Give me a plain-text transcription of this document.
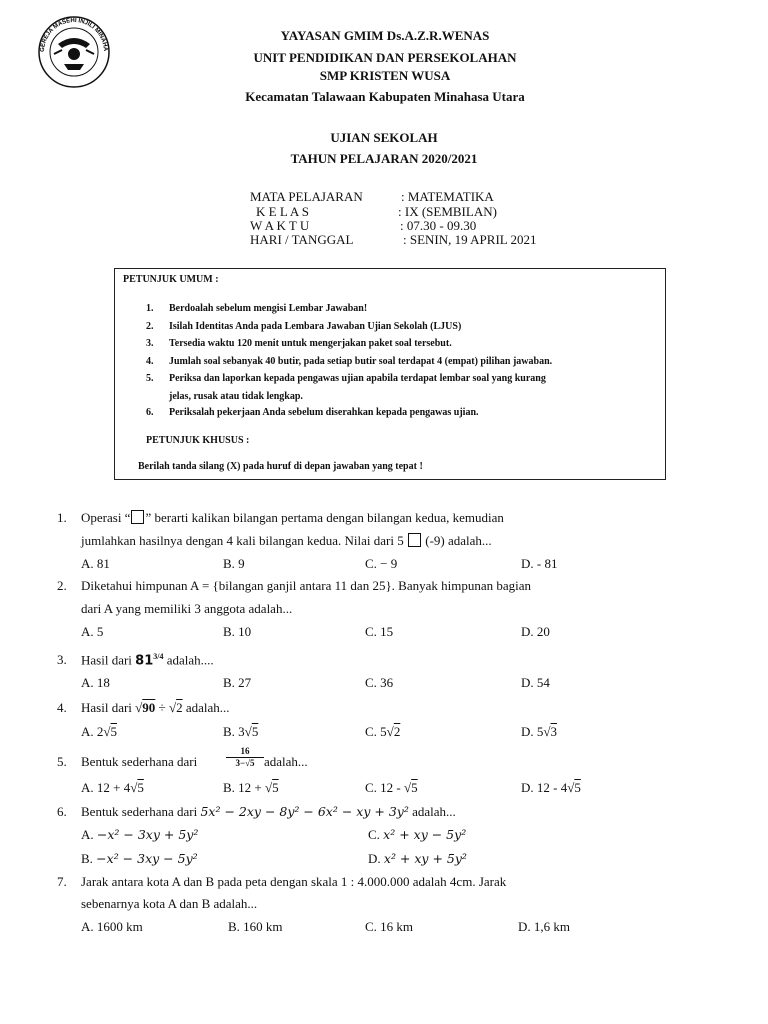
GEREJA MASEHI INJILI MINAHA
YAYASAN GMIM Ds.A.Z.R.WENAS
UNIT PENDIDIKAN DAN PERSEKOLAHAN
SMP KRISTEN WUSA
Kecamatan Talawaan Kabupaten Minahasa Utara
UJIAN SEKOLAH
TAHUN PELAJARAN 2020/2021
MATA PELAJARAN	: MATEMATIKA
K E L A S	: IX (SEMBILAN)
W A K T U	: 07.30 - 09.30
HARI / TANGGAL	: SENIN, 19 APRIL 2021
PETUNJUK UMUM :
1. Berdoalah sebelum mengisi Lembar Jawaban!
2. Isilah Identitas Anda pada Lembara Jawaban Ujian Sekolah (LJUS)
3. Tersedia waktu 120 menit untuk mengerjakan paket soal tersebut.
4. Jumlah soal sebanyak 40 butir, pada setiap butir soal terdapat 4 (empat) pilihan jawaban.
5. Periksa dan laporkan kepada pengawas ujian apabila terdapat lembar soal yang kurang
jelas, rusak atau tidak lengkap.
6. Periksalah pekerjaan Anda sebelum diserahkan kepada pengawas ujian.
PETUNJUK KHUSUS :
Berilah tanda silang (X) pada huruf di depan jawaban yang tepat !
1. Operasi “ ” berarti kalikan bilangan pertama dengan bilangan kedua, kemudian
jumlahkan hasilnya dengan 4 kali bilangan kedua. Nilai dari 5 (-9) adalah...
A. 81	B. 9	C. − 9	D. - 81
2. Diketahui himpunan A = {bilangan ganjil antara 11 dan 25}. Banyak himpunan bagian
dari A yang memiliki 3 anggota adalah...
A. 5	B. 10	C. 15	D. 20
3. Hasil dari $81^{3/4}$ adalah....
A. 18	B. 27	C. 36	D. 54
4. Hasil dari √90 ÷ √2 adalah...
A. 2√5	B. 3√5	C. 5√2	D. 5√3
5. Bentuk sederhana dari	$\frac{16}{3-√5}$ adalah...
A. 12 + 4√5	B. 12 + √5	C. 12 - √5	D. 12 - 4√5
6. Bentuk sederhana dari 5x² − 2xy − 8y² − 6x² − xy + 3y² adalah...
A. −x² − 3xy + 5y²	C. x² + xy − 5y²
B. −x² − 3xy − 5y²	D. x² + xy + 5y²
7. Jarak antara kota A dan B pada peta dengan skala 1 : 4.000.000 adalah 4cm. Jarak
sebenarnya kota A dan B adalah...
A. 1600 km	B. 160 km	C. 16 km	D. 1,6 km
